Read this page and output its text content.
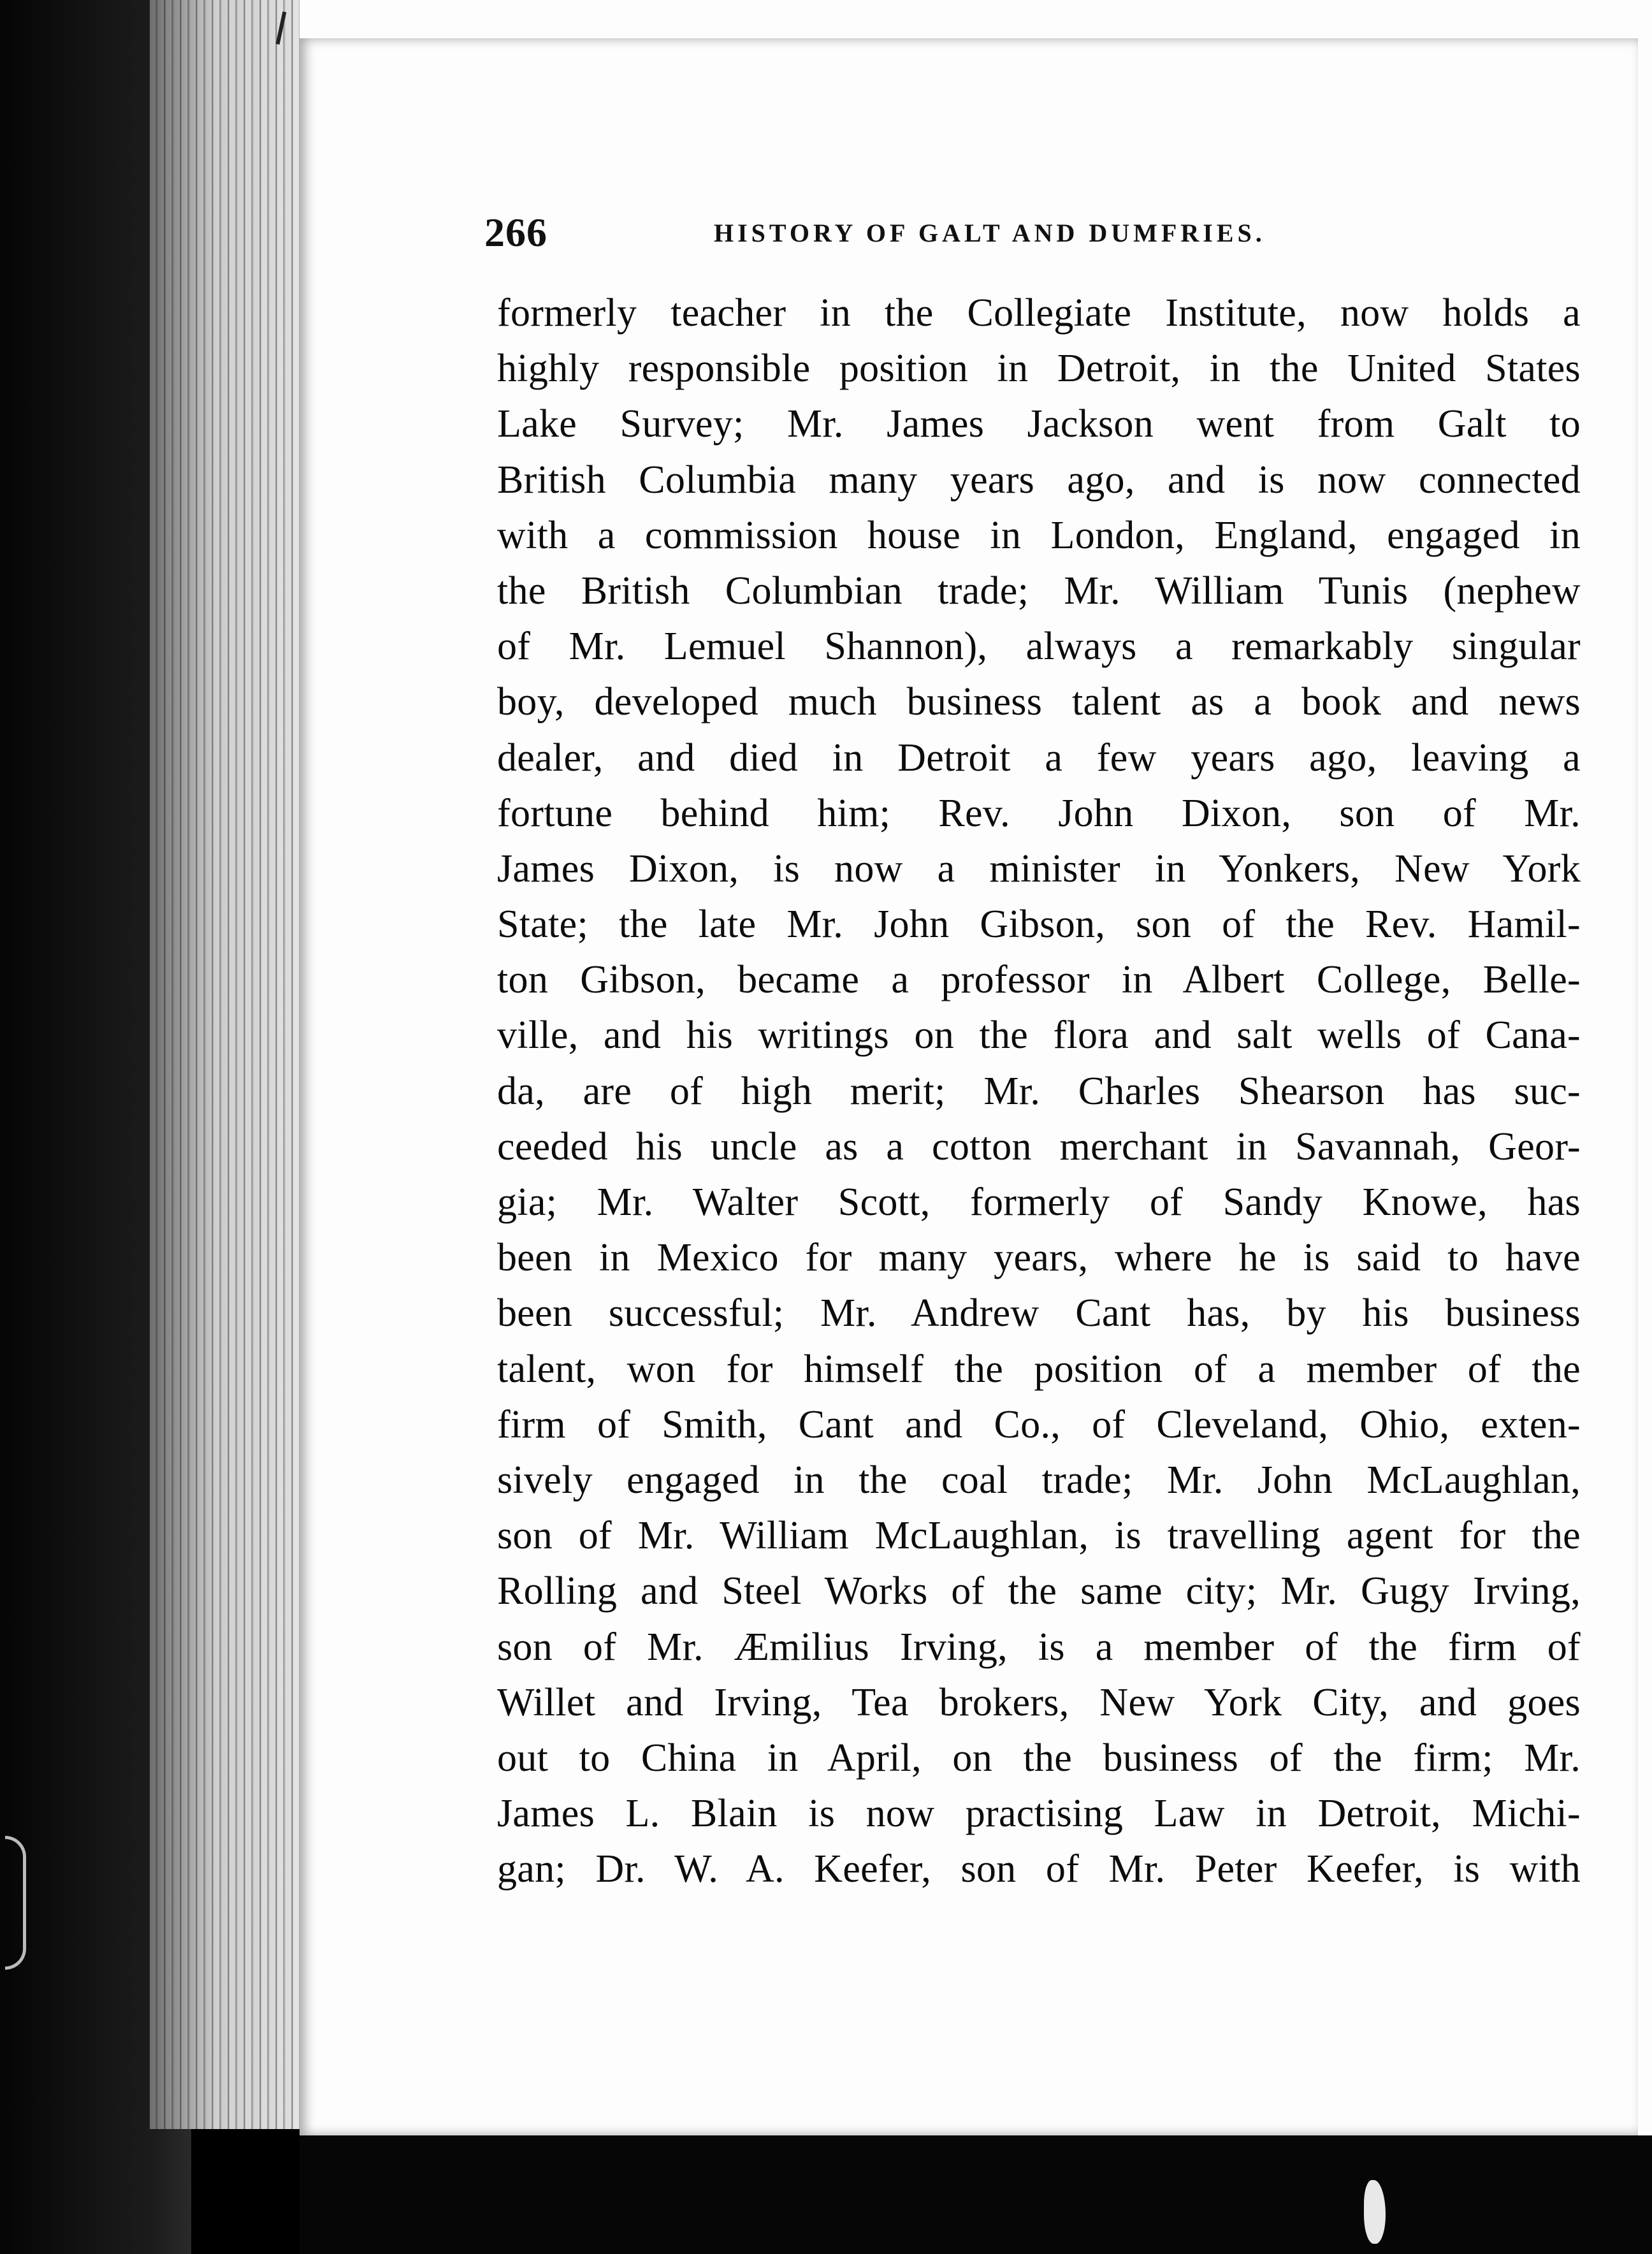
266	HISTORY OF GALT AND DUMFRIES.
formerly teacher in the Collegiate Institute, now holds a
highly responsible position in Detroit, in the United States
Lake Survey; Mr. James Jackson went from Galt to
British Columbia many years ago, and is now connected
with a commission house in London, England, engaged in
the British Columbian trade; Mr. William Tunis (nephew
of Mr. Lemuel Shannon), always a remarkably singular
boy, developed much business talent as a book and news
dealer, and died in Detroit a few years ago, leaving a
fortune behind him; Rev. John Dixon, son of Mr.
James Dixon, is now a minister in Yonkers, New York
State; the late Mr. John Gibson, son of the Rev. Hamil-
ton Gibson, became a professor in Albert College, Belle-
ville, and his writings on the flora and salt wells of Cana-
da, are of high merit; Mr. Charles Shearson has suc-
ceeded his uncle as a cotton merchant in Savannah, Geor-
gia; Mr. Walter Scott, formerly of Sandy Knowe, has
been in Mexico for many years, where he is said to have
been successful; Mr. Andrew Cant has, by his business
talent, won for himself the position of a member of the
firm of Smith, Cant and Co., of Cleveland, Ohio, exten-
sively engaged in the coal trade; Mr. John McLaughlan,
son of Mr. William McLaughlan, is travelling agent for the
Rolling and Steel Works of the same city; Mr. Gugy Irving,
son of Mr. Æmilius Irving, is a member of the firm of
Willet and Irving, Tea brokers, New York City, and goes
out to China in April, on the business of the firm; Mr.
James L. Blain is now practising Law in Detroit, Michi-
gan; Dr. W. A. Keefer, son of Mr. Peter Keefer, is with
